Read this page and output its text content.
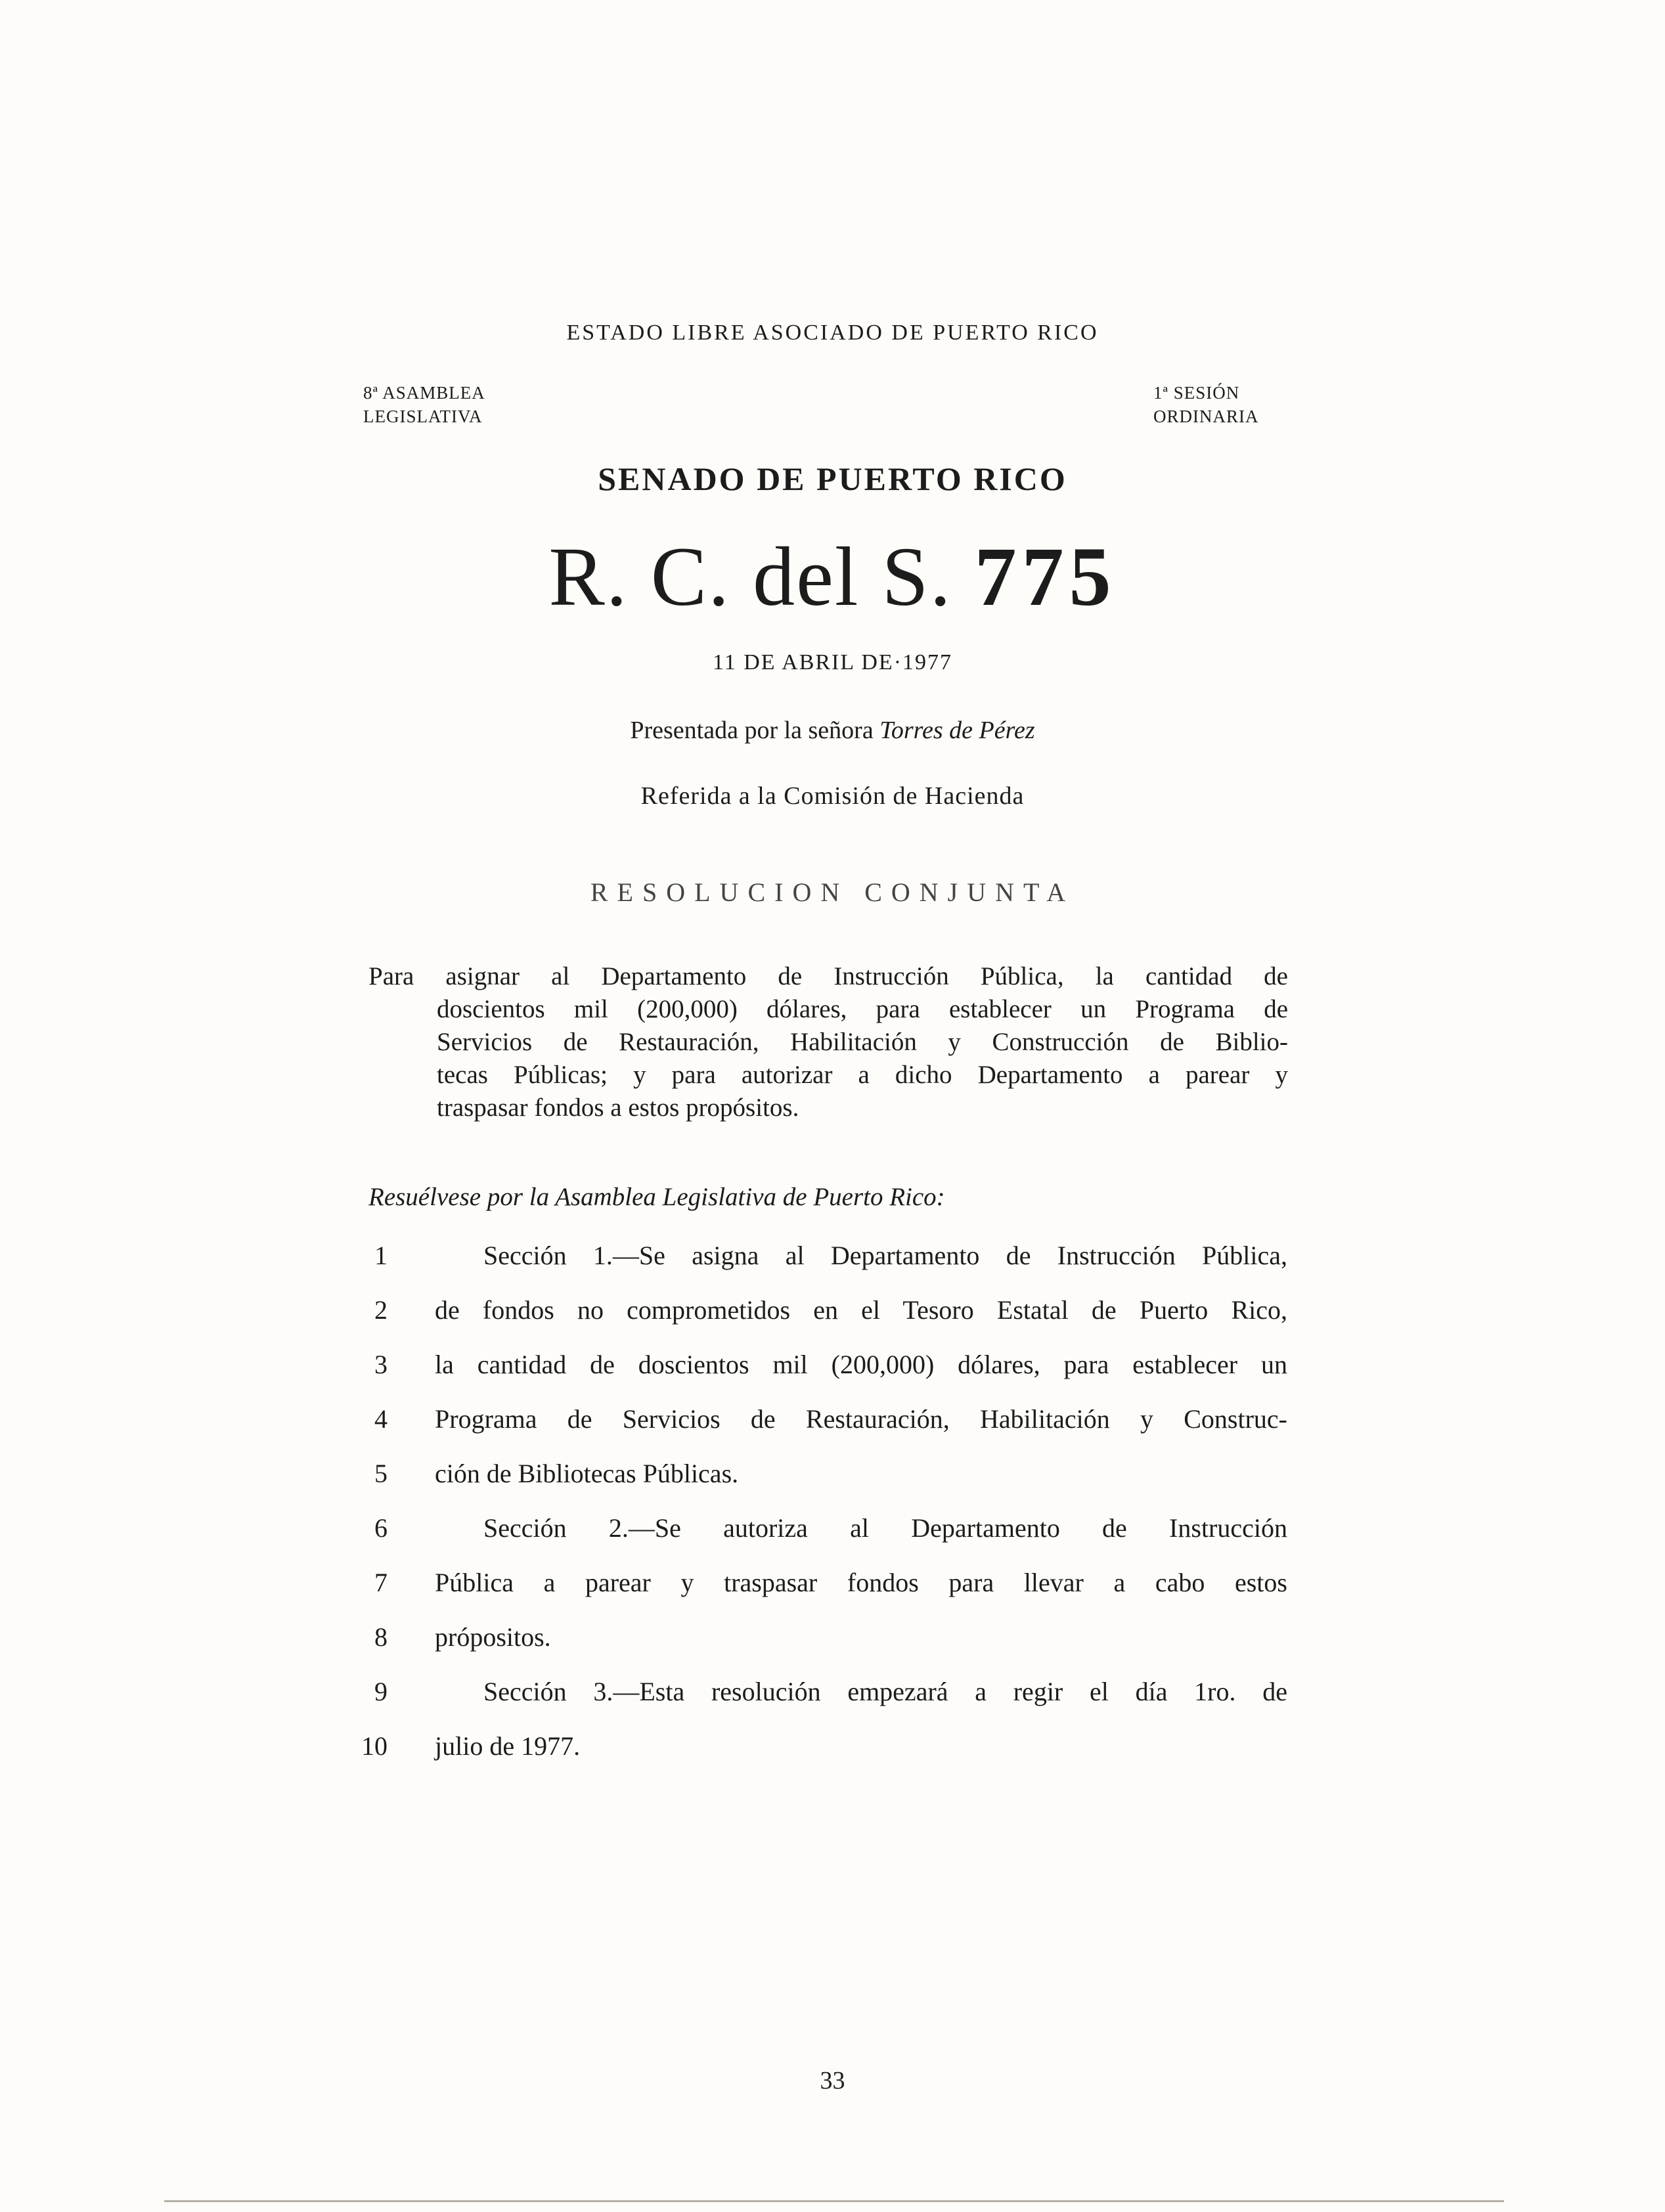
ESTADO LIBRE ASOCIADO DE PUERTO RICO
8ª ASAMBLEA
LEGISLATIVA
1ª SESIÓN
ORDINARIA
SENADO DE PUERTO RICO
R. C. del S. 775
11 DE ABRIL DE·1977
Presentada por la señora Torres de Pérez
Referida a la Comisión de Hacienda
RESOLUCION CONJUNTA
Para asignar al Departamento de Instrucción Pública, la cantidad de
doscientos mil (200,000) dólares, para establecer un Programa de
Servicios de Restauración, Habilitación y Construcción de Biblio-
tecas Públicas; y para autorizar a dicho Departamento a parear y
traspasar fondos a estos propósitos.
Resuélvese por la Asamblea Legislativa de Puerto Rico:
1	Sección 1.—Se asigna al Departamento de Instrucción Pública,
2 de fondos no comprometidos en el Tesoro Estatal de Puerto Rico,
3 la cantidad de doscientos mil (200,000) dólares, para establecer un
4 Programa de Servicios de Restauración, Habilitación y Construc-
5 ción de Bibliotecas Públicas.
6	Sección 2.—Se autoriza al Departamento de Instrucción
7 Pública a parear y traspasar fondos para llevar a cabo estos
8 própositos.
9	Sección 3.—Esta resolución empezará a regir el día 1ro. de
10 julio de 1977.
33
